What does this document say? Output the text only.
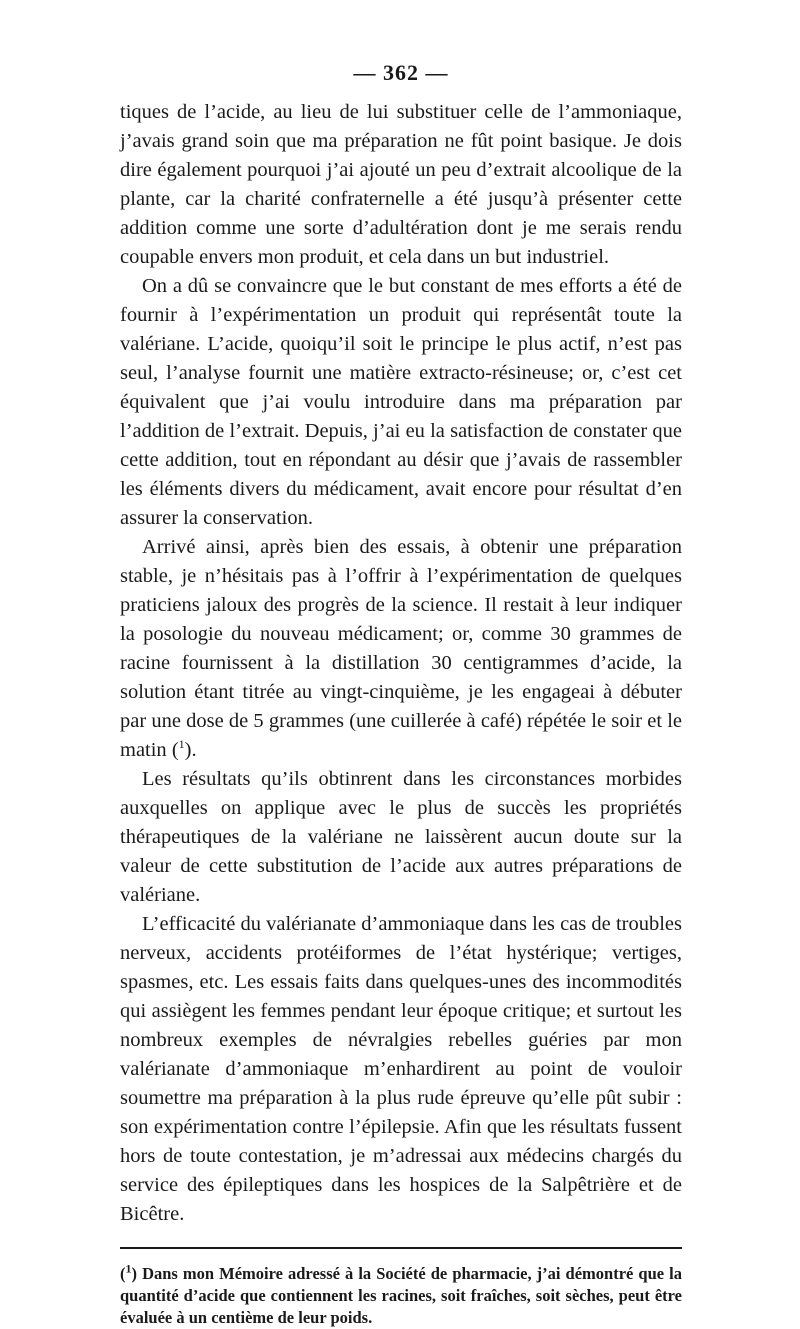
— 362 —

tiques de l’acide, au lieu de lui substituer celle de l’ammoniaque, j’avais grand soin que ma préparation ne fût point basique. Je dois dire également pourquoi j’ai ajouté un peu d’extrait alcoolique de la plante, car la charité confraternelle a été jusqu’à présenter cette addition comme une sorte d’adultération dont je me serais rendu coupable envers mon produit, et cela dans un but industriel.

On a dû se convaincre que le but constant de mes efforts a été de fournir à l’expérimentation un produit qui représentât toute la valériane. L’acide, quoiqu’il soit le principe le plus actif, n’est pas seul, l’analyse fournit une matière extracto-résineuse; or, c’est cet équivalent que j’ai voulu introduire dans ma préparation par l’addition de l’extrait. Depuis, j’ai eu la satisfaction de constater que cette addition, tout en répondant au désir que j’avais de rassembler les éléments divers du médicament, avait encore pour résultat d’en assurer la conservation.

Arrivé ainsi, après bien des essais, à obtenir une préparation stable, je n’hésitais pas à l’offrir à l’expérimentation de quelques praticiens jaloux des progrès de la science. Il restait à leur indiquer la posologie du nouveau médicament; or, comme 30 grammes de racine fournissent à la distillation 30 centigrammes d’acide, la solution étant titrée au vingt-cinquième, je les engageai à débuter par une dose de 5 grammes (une cuillerée à café) répétée le soir et le matin ($^1$).

Les résultats qu’ils obtinrent dans les circonstances morbides auxquelles on applique avec le plus de succès les propriétés thérapeutiques de la valériane ne laissèrent aucun doute sur la valeur de cette substitution de l’acide aux autres préparations de valériane.

L’efficacité du valérianate d’ammoniaque dans les cas de troubles nerveux, accidents protéiformes de l’état hystérique; vertiges, spasmes, etc. Les essais faits dans quelques-unes des incommodités qui assiègent les femmes pendant leur époque critique; et surtout les nombreux exemples de névralgies rebelles guéries par mon valérianate d’ammoniaque m’enhardirent au point de vouloir soumettre ma préparation à la plus rude épreuve qu’elle pût subir : son expérimentation contre l’épilepsie. Afin que les résultats fussent hors de toute contestation, je m’adressai aux médecins chargés du service des épileptiques dans les hospices de la Salpêtrière et de Bicêtre.

($^1$) Dans mon Mémoire adressé à la Société de pharmacie, j’ai démontré que la quantité d’acide que contiennent les racines, soit fraîches, soit sèches, peut être évaluée à un centième de leur poids.
